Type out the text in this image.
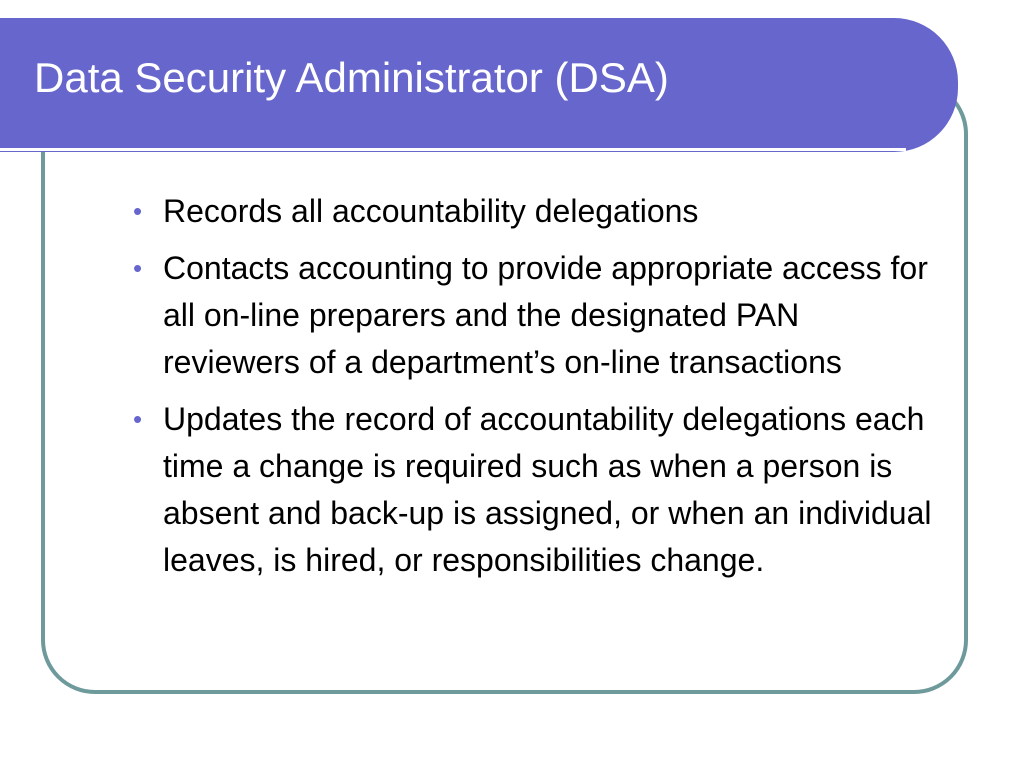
Data Security Administrator (DSA)
• Records all accountability delegations
• Contacts accounting to provide appropriate access for all on-line preparers and the designated PAN reviewers of a department’s on-line transactions
• Updates the record of accountability delegations each time a change is required such as when a person is absent and back-up is assigned, or when an individual leaves, is hired, or responsibilities change.
